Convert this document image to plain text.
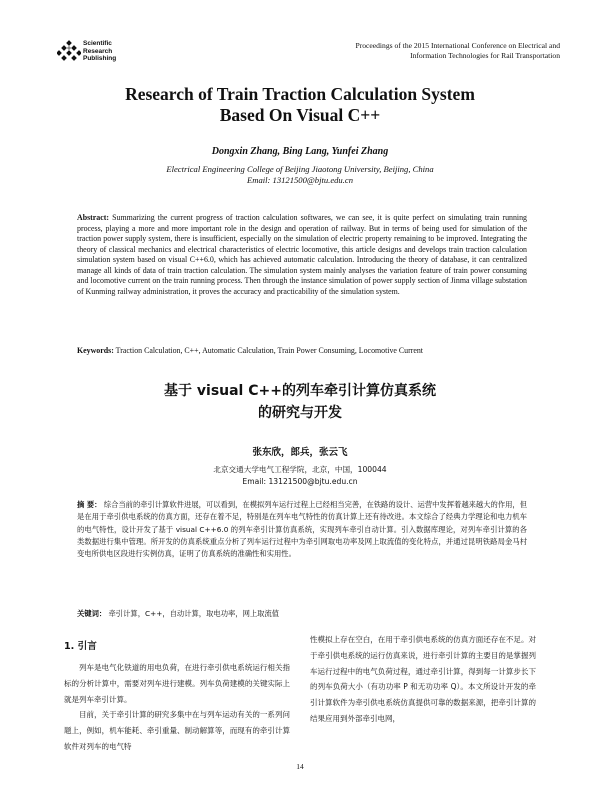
Scientific
Research
Publishing
Proceedings of the 2015 International Conference on Electrical and
Information Technologies for Rail Transportation
Research of Train Traction Calculation System
Based On Visual C++
Dongxin Zhang, Bing Lang, Yunfei Zhang
Electrical Engineering College of Beijing Jiaotong University, Beijing, China
Email: 13121500@bjtu.edu.cn
Abstract: Summarizing the current progress of traction calculation softwares, we can see, it is quite perfect on simulating train running process, playing a more and more important role in the design and operation of railway. But in terms of being used for simulation of the traction power supply system, there is insufficient, especially on the simulation of electric property remaining to be improved. Integrating the theory of classical mechanics and electrical characteristics of electric locomotive, this article designs and develops train traction calculation simulation system based on visual C++6.0, which has achieved automatic calculation. Introducing the theory of database, it can centralized manage all kinds of data of train traction calculation. The simulation system mainly analyses the variation feature of train power consuming and locomotive current on the train running process. Then through the instance simulation of power supply section of Jinma village substation of Kunming railway administration, it proves the accuracy and practicability of the simulation system.
Keywords: Traction Calculation, C++, Automatic Calculation, Train Power Consuming, Locomotive Current
基于 visual C++的列车牵引计算仿真系统
的研究与开发
张东欣，郎兵，张云飞
北京交通大学电气工程学院，北京，中国，100044
Email: 13121500@bjtu.edu.cn
摘 要： 综合当前的牵引计算软件进展，可以看到，在模拟列车运行过程上已经相当完善，在铁路的设计、运营中发挥着越来越大的作用，但是在用于牵引供电系统的仿真方面，还存在着不足，特别是在列车电气特性的仿真计算上还有待改进。本文综合了经典力学理论和电力机车的电气特性，设计开发了基于 visual C++6.0 的列车牵引计算仿真系统，实现列车牵引自动计算。引入数据库理论，对列车牵引计算的各类数据进行集中管理。所开发的仿真系统重点分析了列车运行过程中为牵引网取电功率及网上取流值的变化特点，并通过昆明铁路局金马村变电所供电区段进行实例仿真，证明了仿真系统的准确性和实用性。
关键词： 牵引计算，C++，自动计算，取电功率，网上取流值
1. 引言

列车是电气化铁道的用电负荷，在进行牵引供电系统运行相关指标的分析计算中，需要对列车进行建模。列车负荷建模的关键实际上就是列车牵引计算。

目前，关于牵引计算的研究多集中在与列车运动有关的一系列问题上，例如，机车能耗、牵引重量、制动解算等，而现有的牵引计算软件对列车的电气特

性模拟上存在空白，在用于牵引供电系统的仿真方面还存在不足。对于牵引供电系统的运行仿真来说，进行牵引计算的主要目的是掌握列车运行过程中的电气负荷过程，通过牵引计算，得到每一计算步长下的列车负荷大小（有功功率 P 和无功功率 Q）。本文所设计开发的牵引计算软件为牵引供电系统仿真提供可靠的数据来源，把牵引计算的结果应用到外部牵引电网，

14
